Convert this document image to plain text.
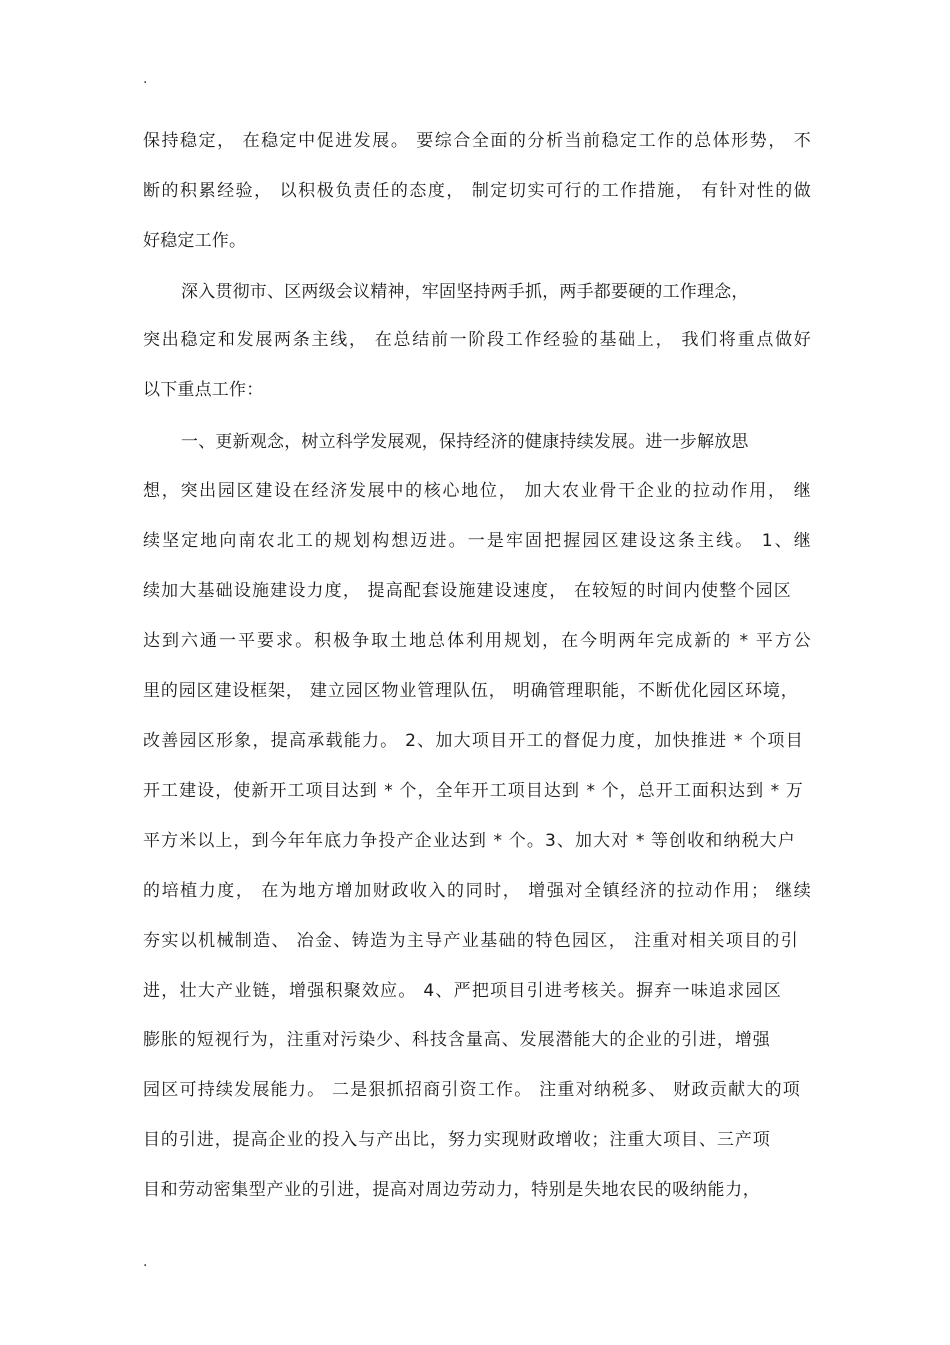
.
保持稳定， 在稳定中促进发展。 要综合全面的分析当前稳定工作的总体形势， 不
断的积累经验， 以积极负责任的态度， 制定切实可行的工作措施， 有针对性的做
好稳定工作。
深入贯彻市、区两级会议精神，牢固坚持两手抓，两手都要硬的工作理念，
突出稳定和发展两条主线， 在总结前一阶段工作经验的基础上， 我们将重点做好
以下重点工作：
一、更新观念，树立科学发展观，保持经济的健康持续发展。进一步解放思
想，突出园区建设在经济发展中的核心地位， 加大农业骨干企业的拉动作用， 继
续坚定地向南农北工的规划构想迈进。一是牢固把握园区建设这条主线。 1、继
续加大基础设施建设力度， 提高配套设施建设速度， 在较短的时间内使整个园区
达到六通一平要求。积极争取土地总体利用规划，在今明两年完成新的 * 平方公
里的园区建设框架， 建立园区物业管理队伍， 明确管理职能，不断优化园区环境，
改善园区形象，提高承载能力。 2、加大项目开工的督促力度，加快推进 * 个项目
开工建设，使新开工项目达到 * 个，全年开工项目达到 * 个，总开工面积达到 * 万
平方米以上，到今年年底力争投产企业达到 * 个。3、加大对 * 等创收和纳税大户
的培植力度， 在为地方增加财政收入的同时， 增强对全镇经济的拉动作用； 继续
夯实以机械制造、 冶金、铸造为主导产业基础的特色园区， 注重对相关项目的引
进，壮大产业链，增强积聚效应。 4、严把项目引进考核关。摒弃一味追求园区
膨胀的短视行为，注重对污染少、科技含量高、发展潜能大的企业的引进，增强
园区可持续发展能力。 二是狠抓招商引资工作。 注重对纳税多、 财政贡献大的项
目的引进，提高企业的投入与产出比，努力实现财政增收；注重大项目、三产项
目和劳动密集型产业的引进，提高对周边劳动力，特别是失地农民的吸纳能力，
.
